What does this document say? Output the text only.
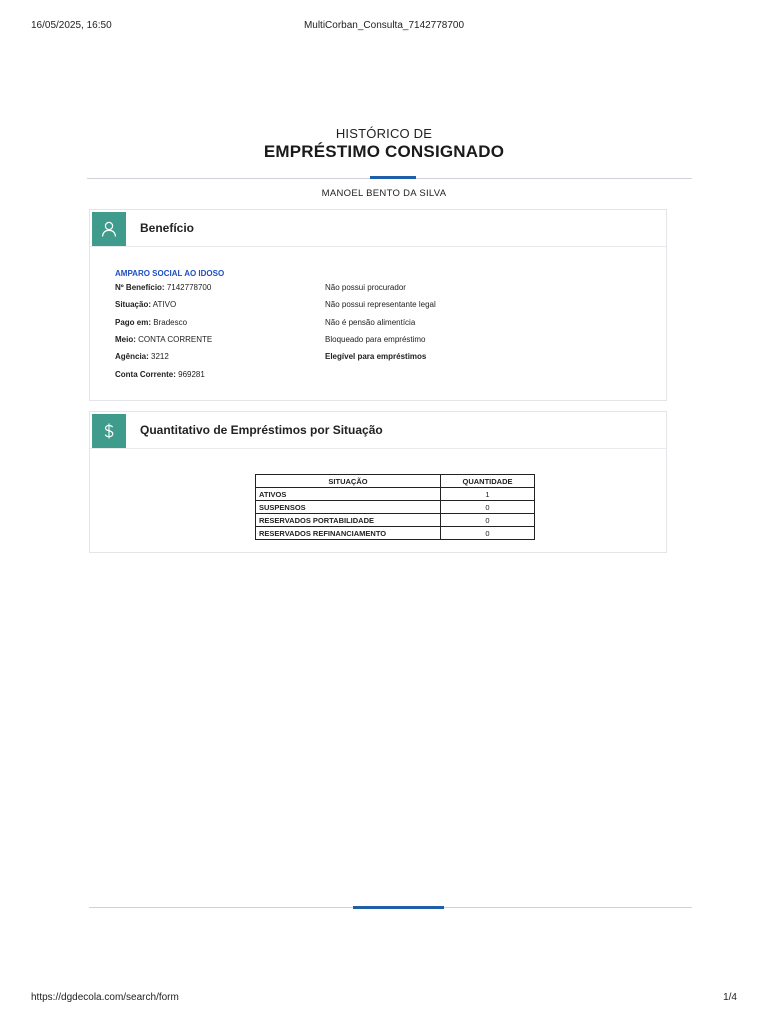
16/05/2025, 16:50	MultiCorban_Consulta_7142778700
HISTÓRICO DE
EMPRÉSTIMO CONSIGNADO
MANOEL BENTO DA SILVA
Benefício
AMPARO SOCIAL AO IDOSO
Nº Benefício: 7142778700
Situação: ATIVO
Pago em: Bradesco
Meio: CONTA CORRENTE
Agência: 3212
Conta Corrente: 969281
Não possui procurador
Não possui representante legal
Não é pensão alimentícia
Bloqueado para empréstimo
Elegível para empréstimos
Quantitativo de Empréstimos por Situação
SITUAÇÃO	QUANTIDADE
ATIVOS	1
SUSPENSOS	0
RESERVADOS PORTABILIDADE	0
RESERVADOS REFINANCIAMENTO	0
https://dgdecola.com/search/form	1/4
